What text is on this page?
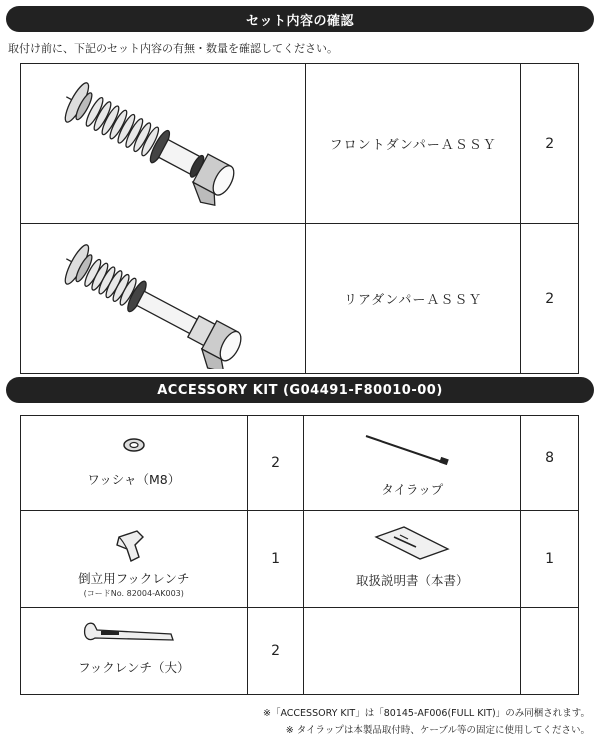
セット内容の確認
取付け前に、下記のセット内容の有無・数量を確認してください。
	フロントダンパーＡＳＳＹ	2
	リアダンパーＡＳＳＹ	2
ACCESSORY KIT (G04491-F80010-00)
ワッシャ（M8）	2	タイラップ	8

倒立用フックレンチ
(コードNo. 82004-AK003)	1	取扱説明書（本書）	1

フックレンチ（大）	2		
※「ACCESSORY KIT」は「80145-AF006(FULL KIT)」のみ同梱されます。
※ タイラップは本製品取付時、ケーブル等の固定に使用してください。
